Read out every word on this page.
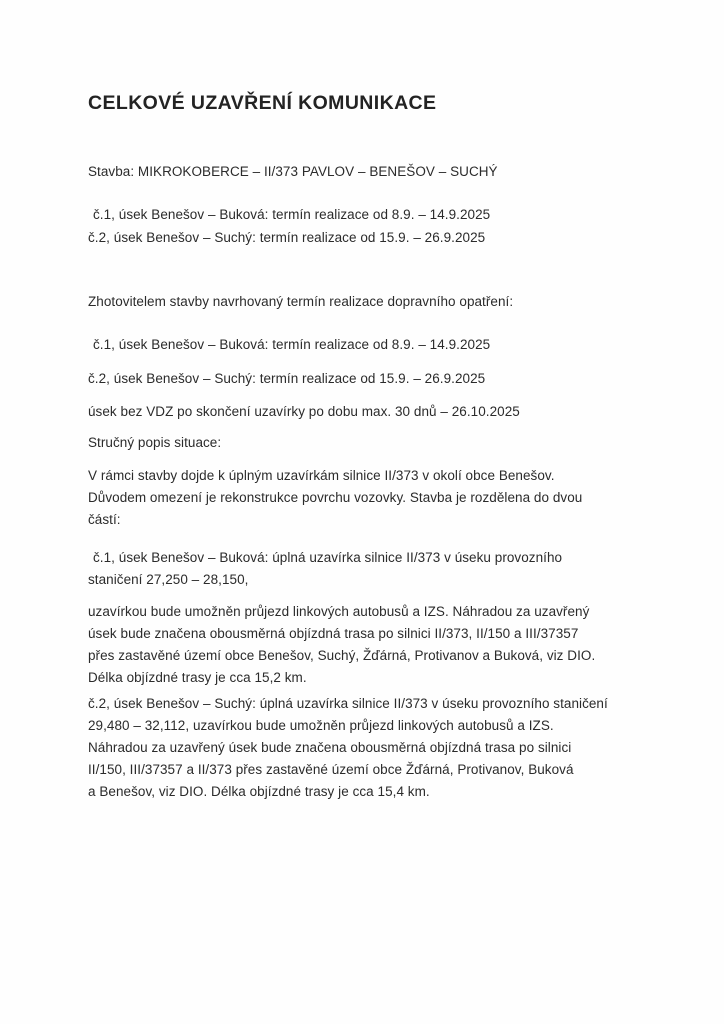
CELKOVÉ UZAVŘENÍ KOMUNIKACE
Stavba: MIKROKOBERCE – II/373 PAVLOV – BENEŠOV – SUCHÝ
č.1, úsek Benešov – Buková: termín realizace od 8.9. – 14.9.2025
č.2, úsek Benešov – Suchý: termín realizace od 15.9. – 26.9.2025
Zhotovitelem stavby navrhovaný termín realizace dopravního opatření:
č.1, úsek Benešov – Buková: termín realizace od 8.9. – 14.9.2025
č.2, úsek Benešov – Suchý: termín realizace od 15.9. – 26.9.2025
úsek bez VDZ po skončení uzavírky po dobu max. 30 dnů – 26.10.2025
Stručný popis situace:
V rámci stavby dojde k úplným uzavírkám silnice II/373 v okolí obce Benešov.
Důvodem omezení je rekonstrukce povrchu vozovky. Stavba je rozdělena do dvou
částí:
č.1, úsek Benešov – Buková: úplná uzavírka silnice II/373 v úseku provozního
staničení 27,250 – 28,150,
uzavírkou bude umožněn průjezd linkových autobusů a IZS. Náhradou za uzavřený
úsek bude značena obousměrná objízdná trasa po silnici II/373, II/150 a III/37357
přes zastavěné území obce Benešov, Suchý, Žďárná, Protivanov a Buková, viz DIO.
Délka objízdné trasy je cca 15,2 km.
č.2, úsek Benešov – Suchý: úplná uzavírka silnice II/373 v úseku provozního staničení
29,480 – 32,112, uzavírkou bude umožněn průjezd linkových autobusů a IZS.
Náhradou za uzavřený úsek bude značena obousměrná objízdná trasa po silnici
II/150, III/37357 a II/373 přes zastavěné území obce Žďárná, Protivanov, Buková
a Benešov, viz DIO. Délka objízdné trasy je cca 15,4 km.
